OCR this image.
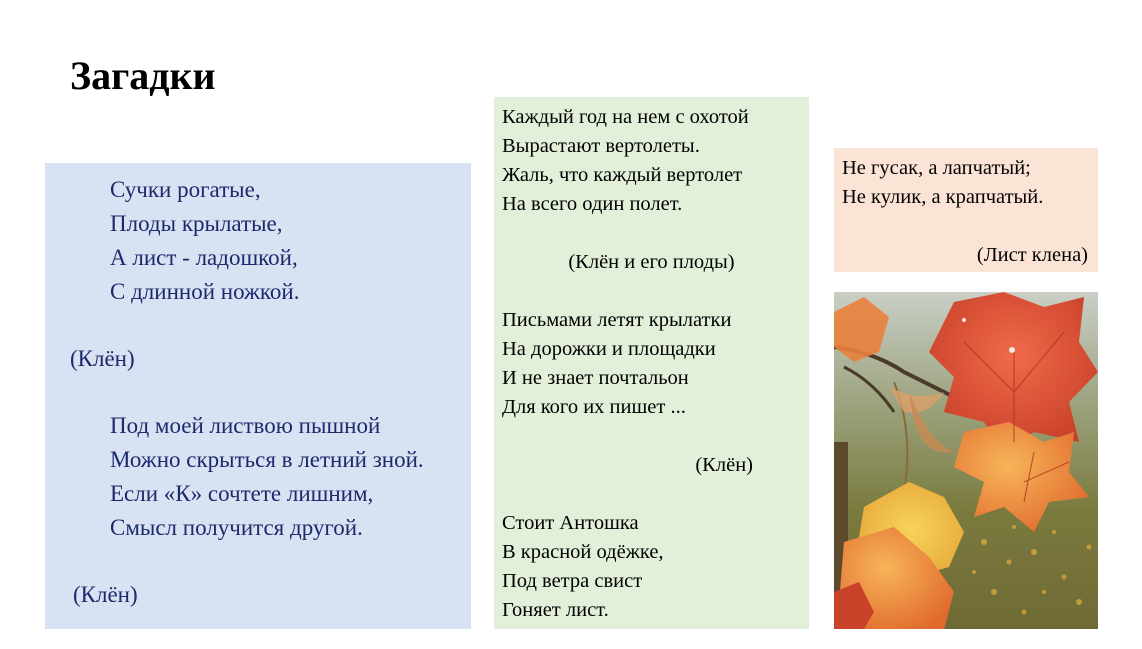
Загадки
Сучки рогатые,
Плоды крылатые,
А лист - ладошкой,
С длинной ножкой.
(Клён)
Под моей листвою пышной
Можно скрыться в летний зной.
Если «К» сочтете лишним,
Смысл получится другой.
(Клён)
Каждый год на нем с охотой
Вырастают вертолеты.
Жаль, что каждый вертолет
На всего один полет.
(Клён и его плоды)
Письмами летят крылатки
На дорожки и площадки
И не знает почтальон
Для кого их пишет ...
(Клён)
Стоит Антошка
В красной одёжке,
Под ветра свист
Гоняет лист.
Не гусак, а лапчатый;
Не кулик, а крапчатый.
(Лист клена)
